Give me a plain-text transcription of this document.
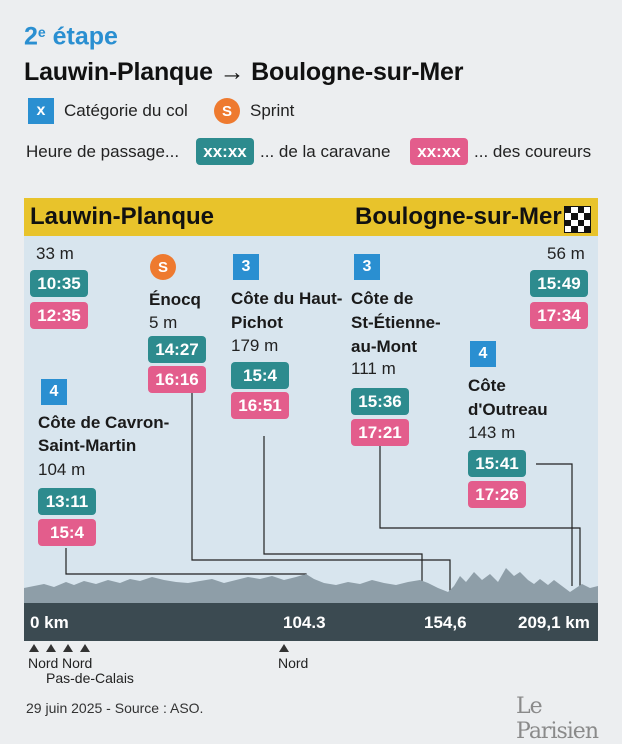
2e étape
Lauwin-Planque → Boulogne-sur-Mer
x	Catégorie du col	S	Sprint
Heure de passage...	xx:xx ... de la caravane	xx:xx ... des coureurs
Lauwin-Planque	Boulogne-sur-Mer
33 m
10:35
12:35
4
Côte de Cavron-
Saint-Martin
104 m
13:11
15:4
S
Énocq
5 m
14:27
16:16
3
Côte du Haut-
Pichot
179 m
15:4
16:51
3
Côte de
St-Étienne-
au-Mont
111 m
15:36
17:21
4
Côte
d'Outreau
143 m
15:41
17:26
56 m
15:49
17:34
0 km	104.3	154,6	209,1 km
Nord Nord
Pas-de-Calais
Nord
29 juin 2025 - Source : ASO.	Le Parisien
